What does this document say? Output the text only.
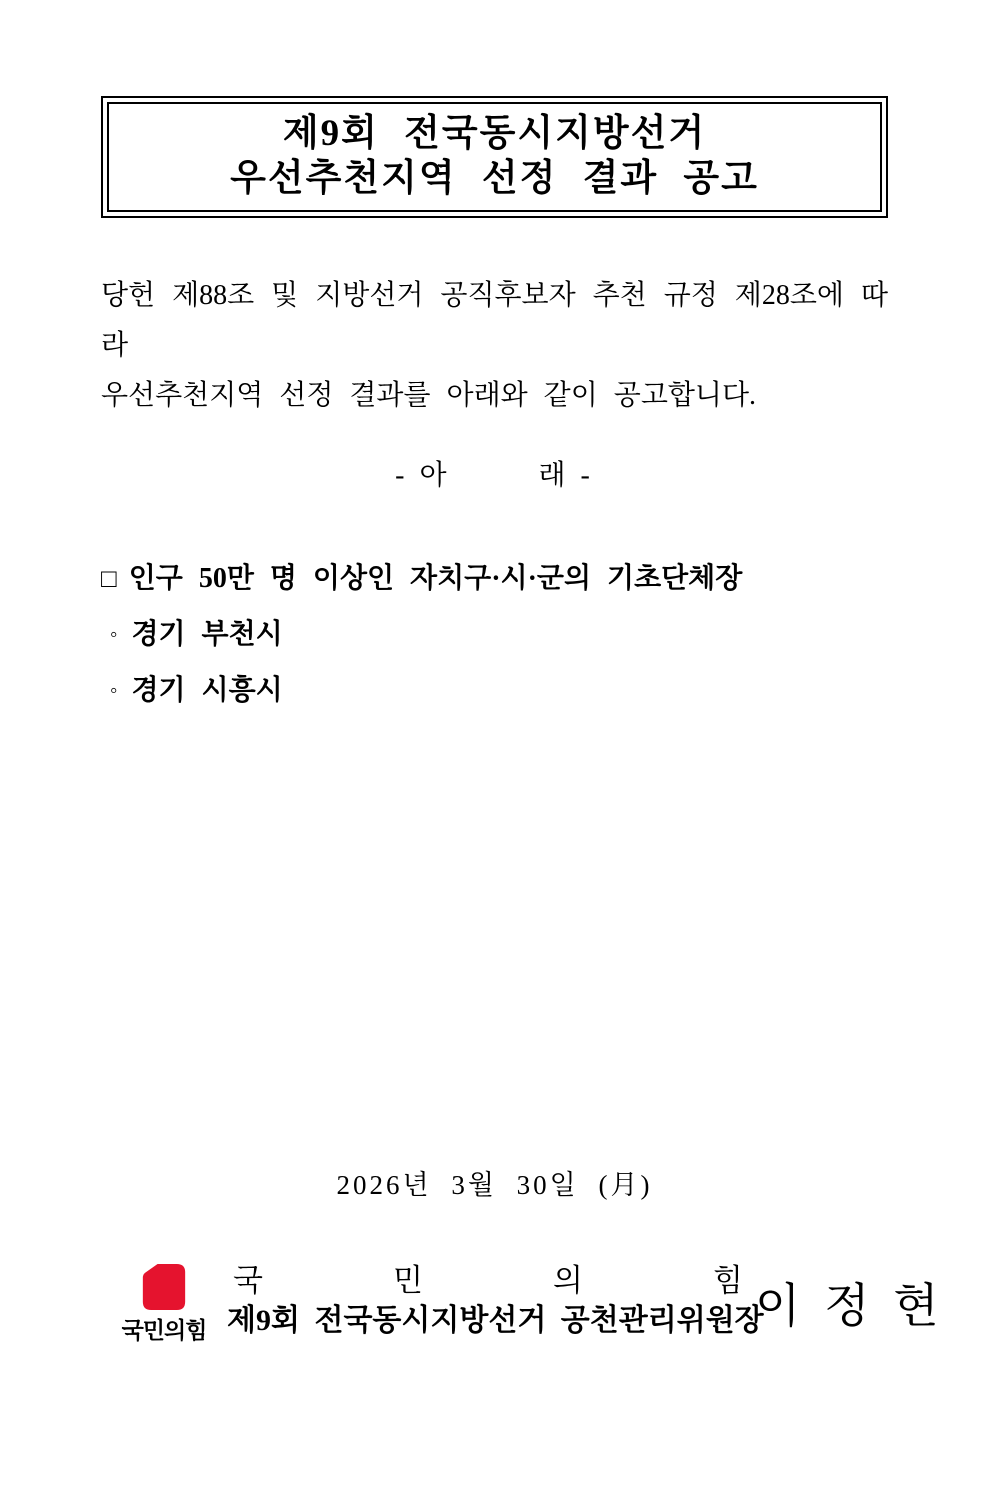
제9회 전국동시지방선거
우선추천지역 선정 결과 공고
당헌 제88조 및 지방선거 공직후보자 추천 규정 제28조에 따라
우선추천지역 선정 결과를 아래와 같이 공고합니다.
- 아        래 -
□ 인구 50만 명 이상인 자치구·시·군의 기초단체장
◦ 경기 부천시
◦ 경기 시흥시
2026년 3월 30일 (月)
국민의힘
국	민	의	힘
제9회 전국동시지방선거 공천관리위원장
이 정 현
